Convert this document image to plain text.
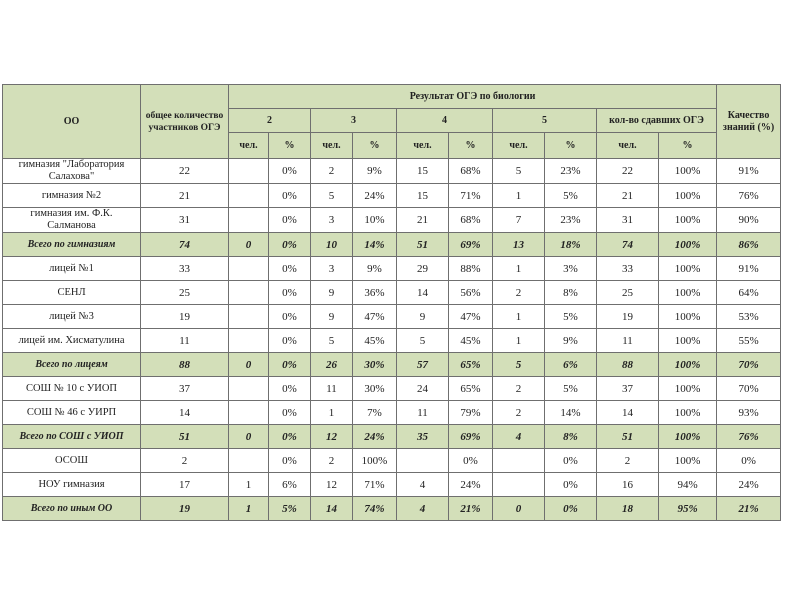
ОО	общее количество участников ОГЭ	Результат ОГЭ по биологии										Качество знаний (%)
		2		3		4		5		кол-во сдавших ОГЭ		
		чел.	%	чел.	%	чел.	%	чел.	%	чел.	%	
гимназия "Лаборатория Салахова"	22		0%	2	9%	15	68%	5	23%	22	100%	91%
гимназия №2	21		0%	5	24%	15	71%	1	5%	21	100%	76%
гимназия им. Ф.К. Салманова	31		0%	3	10%	21	68%	7	23%	31	100%	90%
Всего по гимназиям	74	0	0%	10	14%	51	69%	13	18%	74	100%	86%
лицей №1	33		0%	3	9%	29	88%	1	3%	33	100%	91%
СЕНЛ	25		0%	9	36%	14	56%	2	8%	25	100%	64%
лицей №3	19		0%	9	47%	9	47%	1	5%	19	100%	53%
лицей им. Хисматулина	11		0%	5	45%	5	45%	1	9%	11	100%	55%
Всего по лицеям	88	0	0%	26	30%	57	65%	5	6%	88	100%	70%
СОШ № 10 с УИОП	37		0%	11	30%	24	65%	2	5%	37	100%	70%
СОШ № 46 с УИРП	14		0%	1	7%	11	79%	2	14%	14	100%	93%
Всего по СОШ с УИОП	51	0	0%	12	24%	35	69%	4	8%	51	100%	76%
ОСОШ	2		0%	2	100%		0%		0%	2	100%	0%
НОУ гимназия	17	1	6%	12	71%	4	24%		0%	16	94%	24%
Всего по иным ОО	19	1	5%	14	74%	4	21%	0	0%	18	95%	21%
